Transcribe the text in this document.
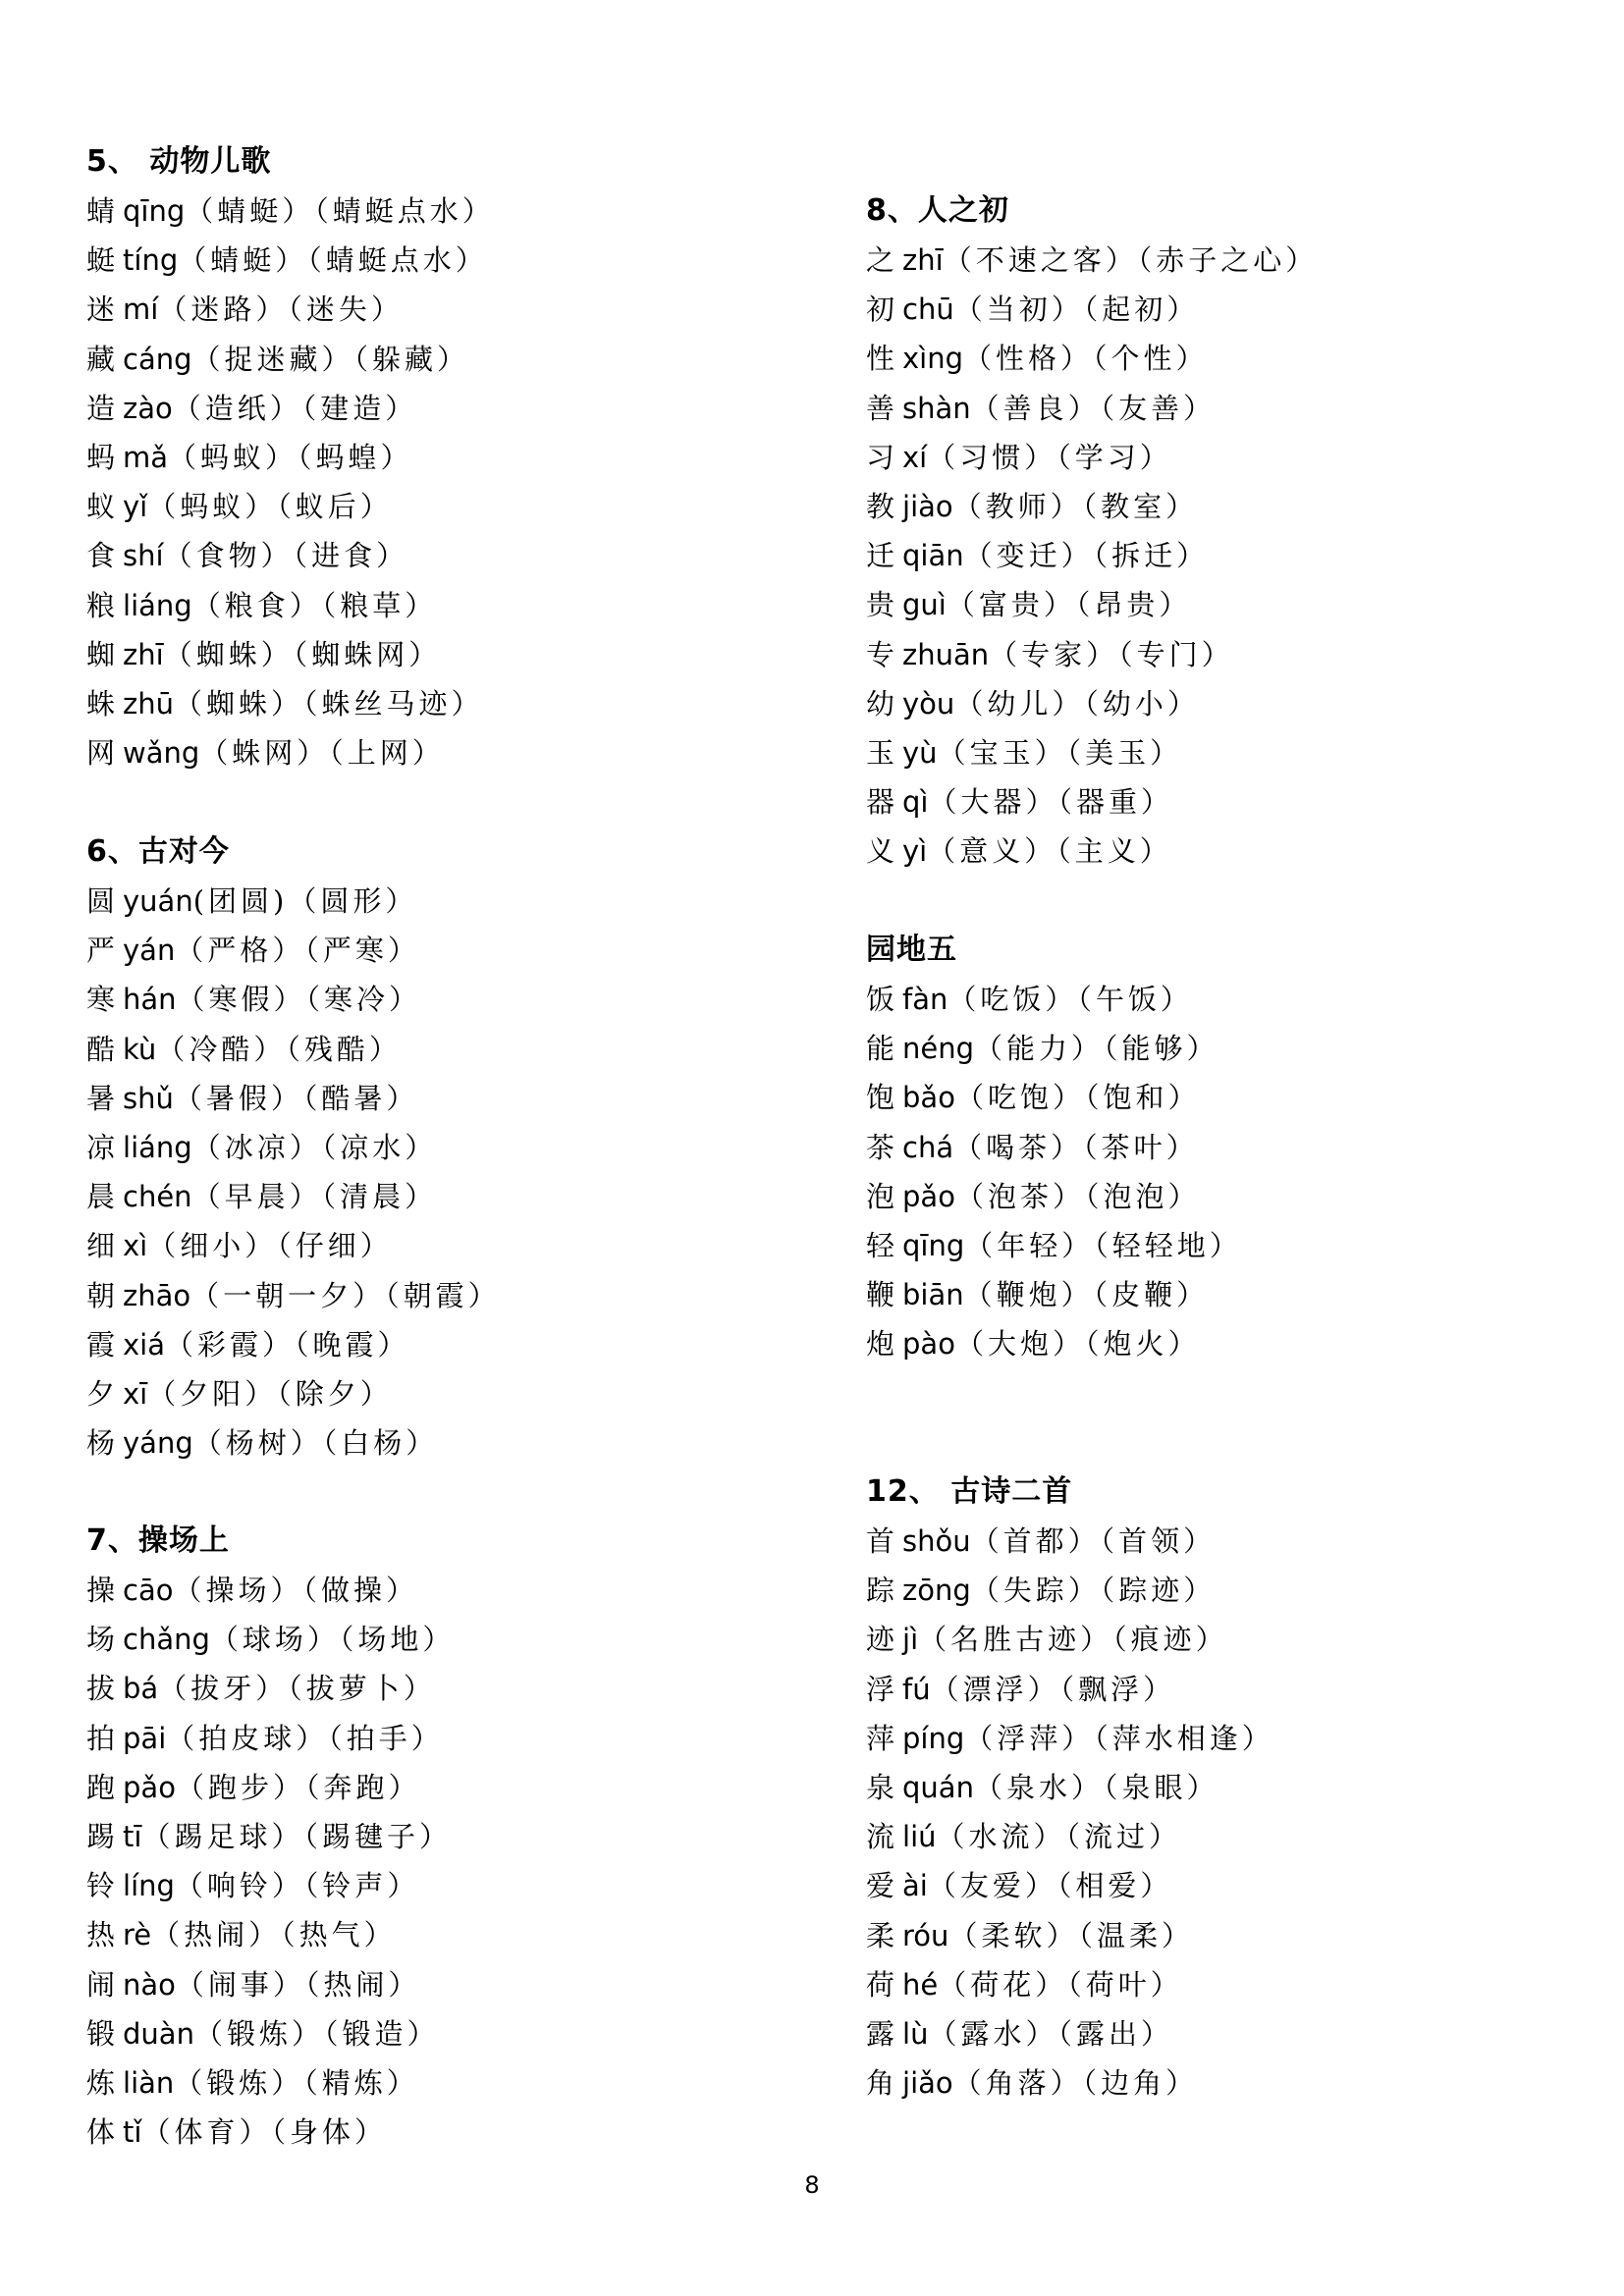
5、 动物儿歌
蜻 qīng（蜻蜓）（蜻蜓点水）
蜓 tíng（蜻蜓）（蜻蜓点水）
迷 mí（迷路）（迷失）
藏 cáng（捉迷藏）（躲藏）
造 zào（造纸）（建造）
蚂 mǎ（蚂蚁）（蚂蝗）
蚁 yǐ（蚂蚁）（蚁后）
食 shí（食物）（进食）
粮 liáng（粮食）（粮草）
蜘 zhī（蜘蛛）（蜘蛛网）
蛛 zhū（蜘蛛）（蛛丝马迹）
网 wǎng（蛛网）（上网）
6、古对今
圆 yuán(团圆)（圆形）
严 yán（严格）（严寒）
寒 hán（寒假）（寒冷）
酷 kù（冷酷）（残酷）
暑 shǔ（暑假）（酷暑）
凉 liáng（冰凉）（凉水）
晨 chén（早晨）（清晨）
细 xì（细小）（仔细）
朝 zhāo（一朝一夕）（朝霞）
霞 xiá（彩霞）（晚霞）
夕 xī（夕阳）（除夕）
杨 yáng（杨树）（白杨）
7、操场上
操 cāo（操场）（做操）
场 chǎng（球场）（场地）
拔 bá（拔牙）（拔萝卜）
拍 pāi（拍皮球）（拍手）
跑 pǎo（跑步）（奔跑）
踢 tī（踢足球）（踢毽子）
铃 líng（响铃）（铃声）
热 rè（热闹）（热气）
闹 nào（闹事）（热闹）
锻 duàn（锻炼）（锻造）
炼 liàn（锻炼）（精炼）
体 tǐ（体育）（身体）
8、人之初
之 zhī（不速之客）（赤子之心）
初 chū（当初）（起初）
性 xìng（性格）（个性）
善 shàn（善良）（友善）
习 xí（习惯）（学习）
教 jiào（教师）（教室）
迁 qiān（变迁）（拆迁）
贵 guì（富贵）（昂贵）
专 zhuān（专家）（专门）
幼 yòu（幼儿）（幼小）
玉 yù（宝玉）（美玉）
器 qì（大器）（器重）
义 yì（意义）（主义）
园地五
饭 fàn（吃饭）（午饭）
能 néng（能力）（能够）
饱 bǎo（吃饱）（饱和）
茶 chá（喝茶）（茶叶）
泡 pǎo（泡茶）（泡泡）
轻 qīng（年轻）（轻轻地）
鞭 biān（鞭炮）（皮鞭）
炮 pào（大炮）（炮火）
12、 古诗二首
首 shǒu（首都）（首领）
踪 zōng（失踪）（踪迹）
迹 jì（名胜古迹）（痕迹）
浮 fú（漂浮）（飘浮）
萍 píng（浮萍）（萍水相逢）
泉 quán（泉水）（泉眼）
流 liú（水流）（流过）
爱 ài（友爱）（相爱）
柔 róu（柔软）（温柔）
荷 hé（荷花）（荷叶）
露 lù（露水）（露出）
角 jiǎo（角落）（边角）
8
